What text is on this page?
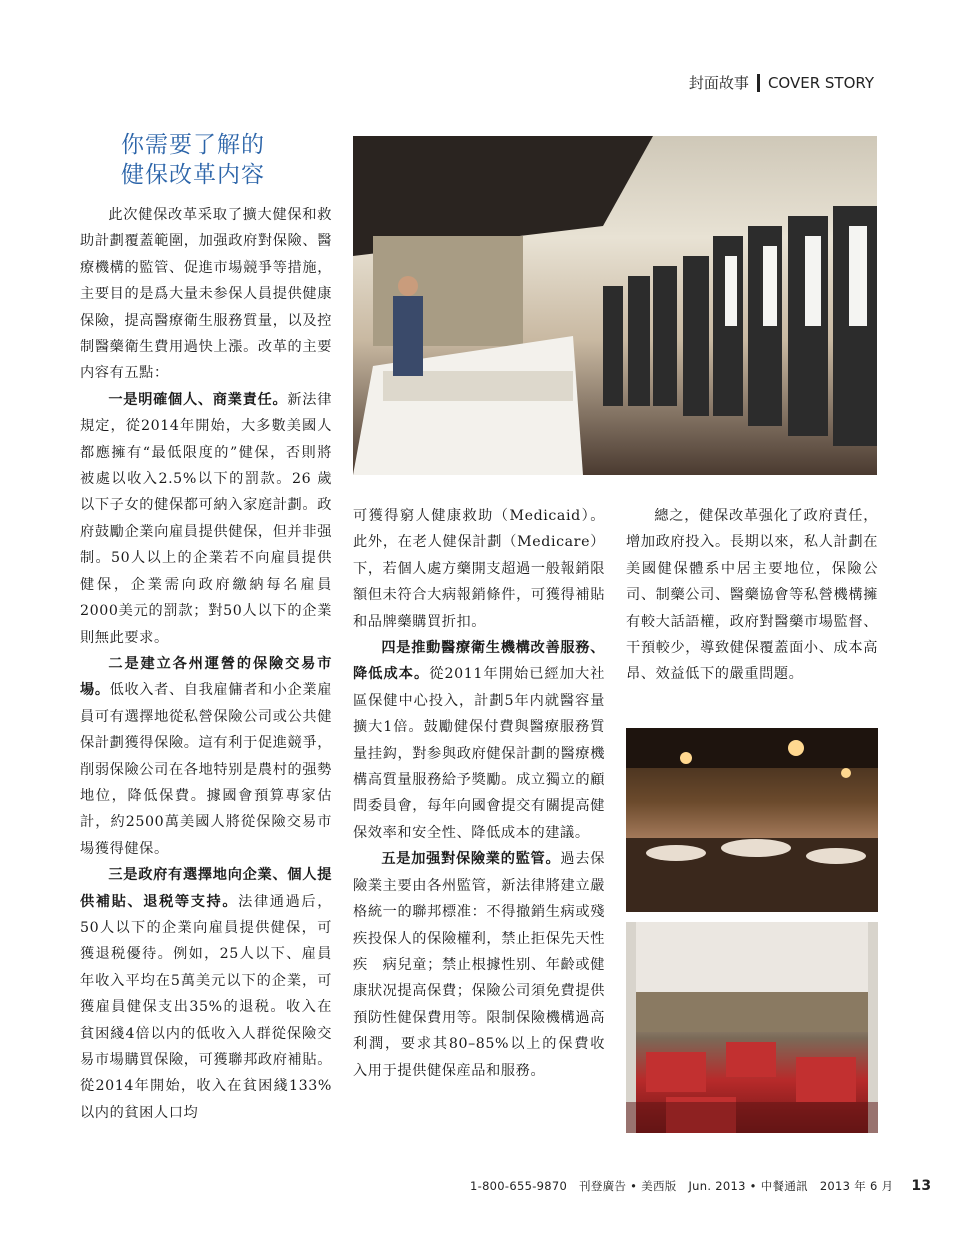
封面故事 COVER STORY
你需要了解的
健保改革内容

此次健保改革采取了擴大健保和救助計劃覆蓋範圍，加强政府對保險、醫療機構的監管、促進市場競爭等措施，主要目的是爲大量未参保人員提供健康保險，提高醫療衛生服務質量，以及控制醫藥衛生費用過快上漲。改革的主要内容有五點：

一是明確個人、商業責任。新法律規定，從2014年開始，大多數美國人都應擁有“最低限度的”健保，否則將被處以收入2.5%以下的罰款。26 歲以下子女的健保都可納入家庭計劃。政府鼓勵企業向雇員提供健保，但并非强制。50人以上的企業若不向雇員提供健保，企業需向政府繳納每名雇員2000美元的罰款；對50人以下的企業則無此要求。

二是建立各州運營的保險交易市場。低收入者、自我雇傭者和小企業雇員可有選擇地從私營保險公司或公共健保計劃獲得保險。這有利于促進競爭，削弱保險公司在各地特别是農村的强勢地位，降低保費。據國會預算專家估計，約2500萬美國人將從保險交易市場獲得健保。

三是政府有選擇地向企業、個人提供補貼、退税等支持。法律通過后，50人以下的企業向雇員提供健保，可獲退税優待。例如，25人以下、雇員年收入平均在5萬美元以下的企業，可獲雇員健保支出35%的退税。收入在貧困綫4倍以内的低收入人群從保險交易市場購買保險，可獲聯邦政府補貼。從2014年開始，收入在貧困綫133%以内的貧困人口均

可獲得窮人健康救助（Medicaid）。此外，在老人健保計劃（Medicare）下，若個人處方藥開支超過一般報銷限額但未符合大病報銷條件，可獲得補貼和品牌藥購買折扣。

四是推動醫療衛生機構改善服務、降低成本。從2011年開始已經加大社區保健中心投入，計劃5年内就醫容量擴大1倍。鼓勵健保付費與醫療服務質量挂鈎，對参與政府健保計劃的醫療機構高質量服務給予獎勵。成立獨立的顧問委員會，每年向國會提交有關提高健保效率和安全性、降低成本的建議。

五是加强對保險業的監管。過去保險業主要由各州監管，新法律將建立嚴格統一的聯邦標准：不得撤銷生病或殘疾投保人的保險權利，禁止拒保先天性疾　病兒童；禁止根據性别、年齡或健康狀况提高保費；保險公司須免費提供預防性健保費用等。限制保險機構過高利潤，要求其80–85%以上的保費收入用于提供健保産品和服務。

總之，健保改革强化了政府責任，增加政府投入。長期以來，私人計劃在美國健保體系中居主要地位，保險公司、制藥公司、醫藥協會等私營機構擁有較大話語權，政府對醫藥市場監督、干預較少，導致健保覆蓋面小、成本高昂、效益低下的嚴重問題。

1-800-655-9870 刊登廣告 • 美西版 Jun. 2013 • 中餐通訊 2013 年 6 月 13
